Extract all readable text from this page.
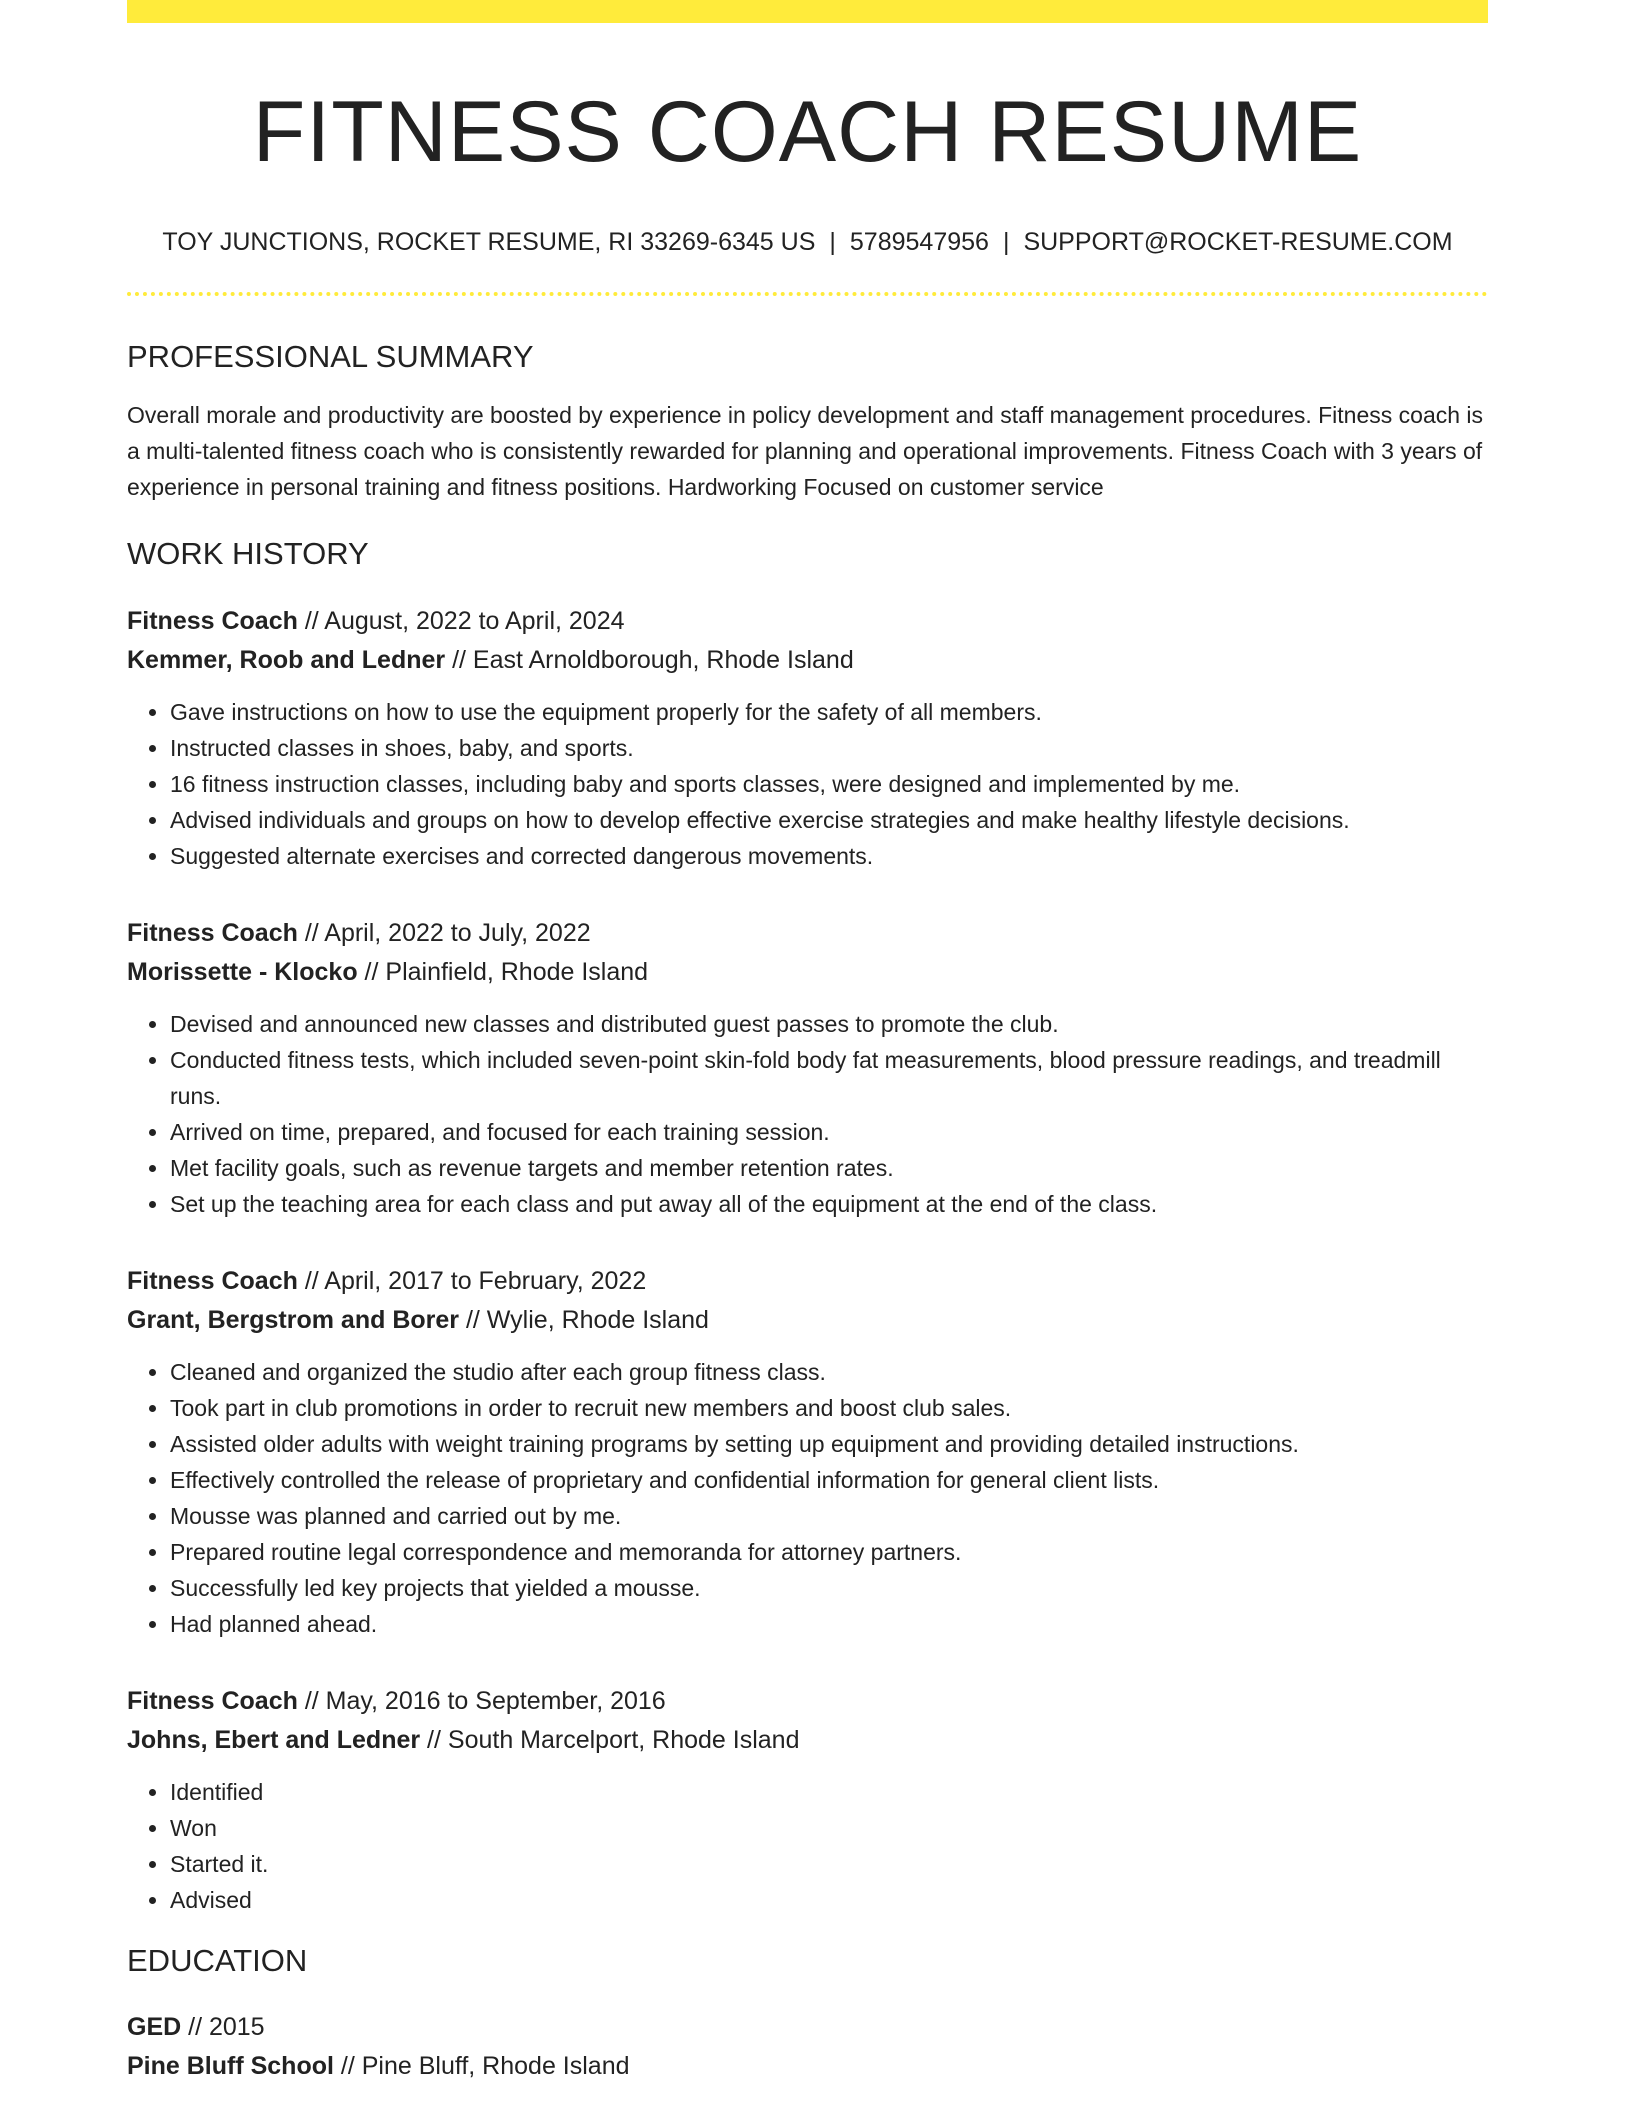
FITNESS COACH RESUME
TOY JUNCTIONS, ROCKET RESUME, RI 33269-6345 US | 5789547956 | SUPPORT@ROCKET-RESUME.COM
PROFESSIONAL SUMMARY
Overall morale and productivity are boosted by experience in policy development and staff management procedures. Fitness coach is a multi-talented fitness coach who is consistently rewarded for planning and operational improvements. Fitness Coach with 3 years of experience in personal training and fitness positions. Hardworking Focused on customer service
WORK HISTORY
Fitness Coach // August, 2022 to April, 2024
Kemmer, Roob and Ledner // East Arnoldborough, Rhode Island
• Gave instructions on how to use the equipment properly for the safety of all members.
• Instructed classes in shoes, baby, and sports.
• 16 fitness instruction classes, including baby and sports classes, were designed and implemented by me.
• Advised individuals and groups on how to develop effective exercise strategies and make healthy lifestyle decisions.
• Suggested alternate exercises and corrected dangerous movements.
Fitness Coach // April, 2022 to July, 2022
Morissette - Klocko // Plainfield, Rhode Island
• Devised and announced new classes and distributed guest passes to promote the club.
• Conducted fitness tests, which included seven-point skin-fold body fat measurements, blood pressure readings, and treadmill runs.
• Arrived on time, prepared, and focused for each training session.
• Met facility goals, such as revenue targets and member retention rates.
• Set up the teaching area for each class and put away all of the equipment at the end of the class.
Fitness Coach // April, 2017 to February, 2022
Grant, Bergstrom and Borer // Wylie, Rhode Island
• Cleaned and organized the studio after each group fitness class.
• Took part in club promotions in order to recruit new members and boost club sales.
• Assisted older adults with weight training programs by setting up equipment and providing detailed instructions.
• Effectively controlled the release of proprietary and confidential information for general client lists.
• Mousse was planned and carried out by me.
• Prepared routine legal correspondence and memoranda for attorney partners.
• Successfully led key projects that yielded a mousse.
• Had planned ahead.
Fitness Coach // May, 2016 to September, 2016
Johns, Ebert and Ledner // South Marcelport, Rhode Island
• Identified
• Won
• Started it.
• Advised
EDUCATION
GED // 2015
Pine Bluff School // Pine Bluff, Rhode Island
